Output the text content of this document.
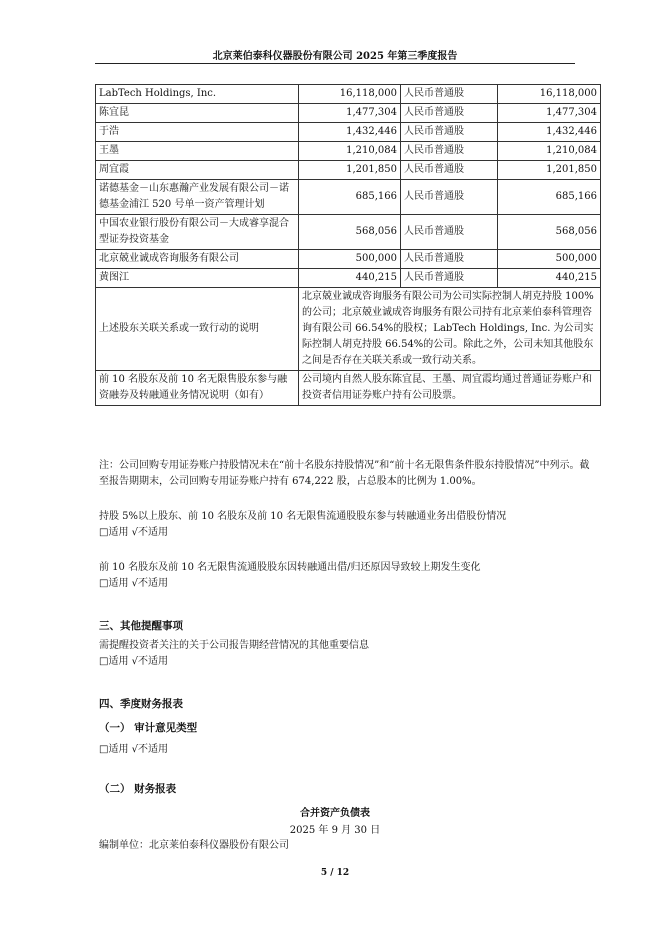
北京莱伯泰科仪器股份有限公司 2025 年第三季度报告
LabTech Holdings, Inc.	16,118,000	人民币普通股	16,118,000
陈宜昆	1,477,304	人民币普通股	1,477,304
于浩	1,432,446	人民币普通股	1,432,446
王墨	1,210,084	人民币普通股	1,210,084
周宜霞	1,201,850	人民币普通股	1,201,850
诺德基金－山东惠瀚产业发展有限公司－诺德基金浦江 520 号单一资产管理计划	685,166	人民币普通股	685,166
中国农业银行股份有限公司－大成睿享混合型证券投资基金	568,056	人民币普通股	568,056
北京兢业诚成咨询服务有限公司	500,000	人民币普通股	500,000
黄图江	440,215	人民币普通股	440,215
上述股东关联关系或一致行动的说明	北京兢业诚成咨询服务有限公司为公司实际控制人胡克持股 100%的公司；北京兢业诚成咨询服务有限公司持有北京莱伯泰科管理咨询有限公司 66.54%的股权；LabTech Holdings, Inc. 为公司实际控制人胡克持股 66.54%的公司。除此之外，公司未知其他股东之间是否存在关联关系或一致行动关系。		
前 10 名股东及前 10 名无限售股东参与融资融券及转融通业务情况说明（如有）	公司境内自然人股东陈宜昆、王墨、周宜霞均通过普通证券账户和投资者信用证券账户持有公司股票。		
注：公司回购专用证券账户持股情况未在“前十名股东持股情况”和“前十名无限售条件股东持股情况”中列示。截至报告期期末，公司回购专用证券账户持有 674,222 股，占总股本的比例为 1.00%。
持股 5%以上股东、前 10 名股东及前 10 名无限售流通股股东参与转融通业务出借股份情况
□适用 √不适用
前 10 名股东及前 10 名无限售流通股股东因转融通出借/归还原因导致较上期发生变化
□适用 √不适用
三、其他提醒事项
需提醒投资者关注的关于公司报告期经营情况的其他重要信息
□适用 √不适用
四、季度财务报表
（一） 审计意见类型
□适用 √不适用
（二） 财务报表
合并资产负债表
2025 年 9 月 30 日
编制单位：北京莱伯泰科仪器股份有限公司
5 / 12
